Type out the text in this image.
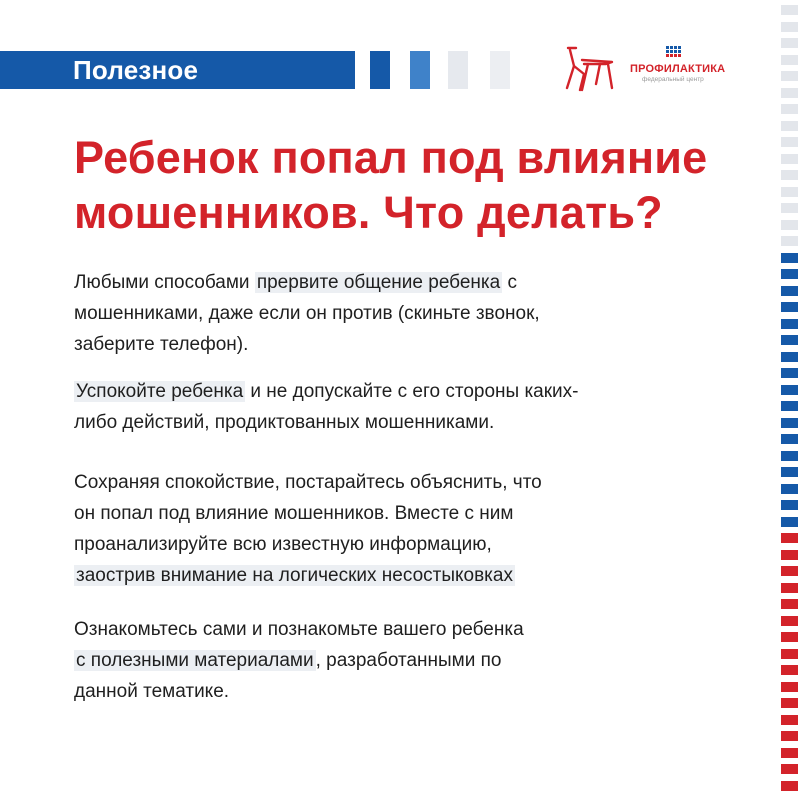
Полезное	ПРОФИЛАКТИКА
федеральный центр
Ребенок попал под влияние
мошенников. Что делать?

Любыми способами прервите общение ребенка с
мошенниками, даже если он против (скиньте звонок,
заберите телефон).

Успокойте ребенка и не допускайте с его стороны каких-
либо действий, продиктованных мошенниками.

Сохраняя спокойствие, постарайтесь объяснить, что
он попал под влияние мошенников. Вместе с ним
проанализируйте всю известную информацию,
заострив внимание на логических несостыковках

Ознакомьтесь сами и познакомьте вашего ребенка
с полезными материалами , разработанными по
данной тематике.
